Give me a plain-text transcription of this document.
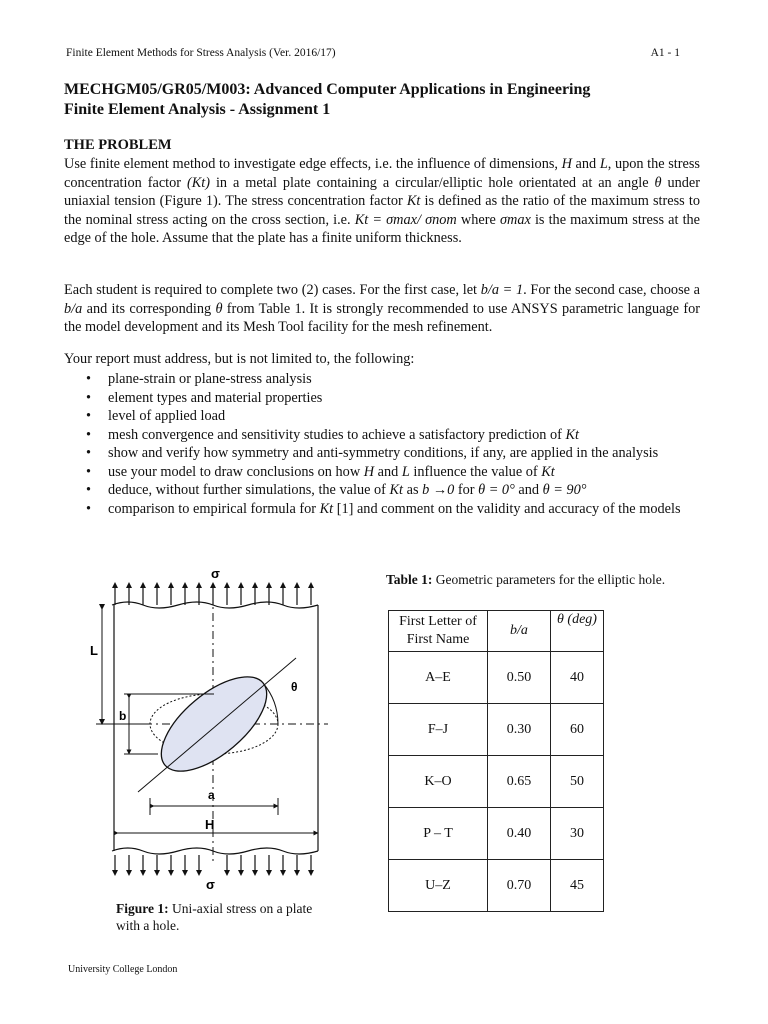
Finite Element Methods for Stress Analysis (Ver. 2016/17)	A1 - 1
MECHGM05/GR05/M003: Advanced Computer Applications in Engineering
Finite Element Analysis - Assignment 1
THE PROBLEM
Use finite element method to investigate edge effects, i.e. the influence of dimensions, H and L, upon the stress concentration factor (Kt) in a metal plate containing a circular/elliptic hole orientated at an angle θ under uniaxial tension (Figure 1). The stress concentration factor Kt is defined as the ratio of the maximum stress to the nominal stress acting on the cross section, i.e. Kt = σmax/ σnom where σmax is the maximum stress at the edge of the hole. Assume that the plate has a finite uniform thickness.
Each student is required to complete two (2) cases. For the first case, let b/a = 1. For the second case, choose a b/a and its corresponding θ from Table 1. It is strongly recommended to use ANSYS parametric language for the model development and its Mesh Tool facility for the mesh refinement.
Your report must address, but is not limited to, the following:
• plane-strain or plane-stress analysis
• element types and material properties
• level of applied load
• mesh convergence and sensitivity studies to achieve a satisfactory prediction of Kt
• show and verify how symmetry and anti-symmetry conditions, if any, are applied in the analysis
• use your model to draw conclusions on how H and L influence the value of Kt
• deduce, without further simulations, the value of Kt as b →0 for θ = 0° and θ = 90°
• comparison to empirical formula for Kt [1] and comment on the validity and accuracy of the models
σ
θ
L
b
a
H
σ
Figure 1: Uni-axial stress on a plate with a hole.
Table 1: Geometric parameters for the elliptic hole.
First Letter of First Name	b/a	θ (deg)
A–E	0.50	40
F–J	0.30	60
K–O	0.65	50
P – T	0.40	30
U–Z	0.70	45
University College London
